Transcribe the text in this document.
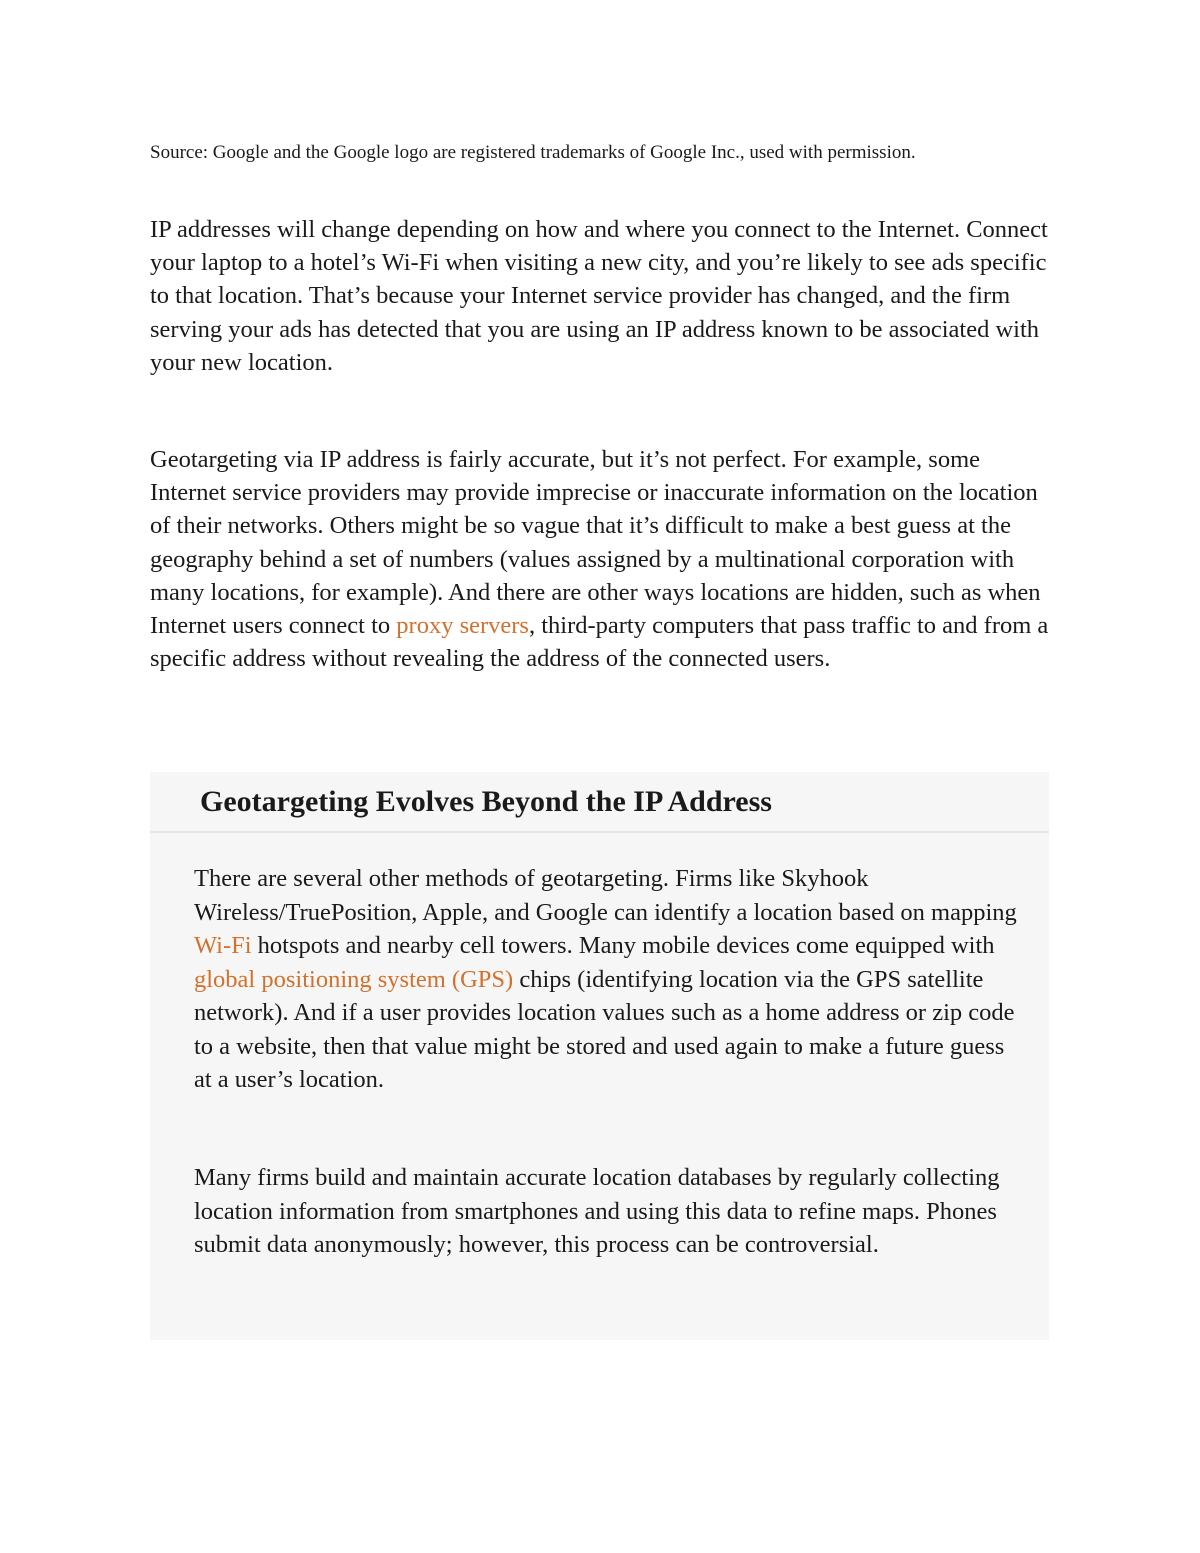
Source: Google and the Google logo are registered trademarks of Google Inc., used with permission.

IP addresses will change depending on how and where you connect to the Internet. Connect your laptop to a hotel’s Wi-Fi when visiting a new city, and you’re likely to see ads specific to that location. That’s because your Internet service provider has changed, and the firm serving your ads has detected that you are using an IP address known to be associated with your new location.

Geotargeting via IP address is fairly accurate, but it’s not perfect. For example, some Internet service providers may provide imprecise or inaccurate information on the location of their networks. Others might be so vague that it’s difficult to make a best guess at the geography behind a set of numbers (values assigned by a multinational corporation with many locations, for example). And there are other ways locations are hidden, such as when Internet users connect to proxy servers, third-party computers that pass traffic to and from a specific address without revealing the address of the connected users.

Geotargeting Evolves Beyond the IP Address

There are several other methods of geotargeting. Firms like Skyhook Wireless/TruePosition, Apple, and Google can identify a location based on mapping Wi-Fi hotspots and nearby cell towers. Many mobile devices come equipped with global positioning system (GPS) chips (identifying location via the GPS satellite network). And if a user provides location values such as a home address or zip code to a website, then that value might be stored and used again to make a future guess at a user’s location.

Many firms build and maintain accurate location databases by regularly collecting location information from smartphones and using this data to refine maps. Phones submit data anonymously; however, this process can be controversial.
